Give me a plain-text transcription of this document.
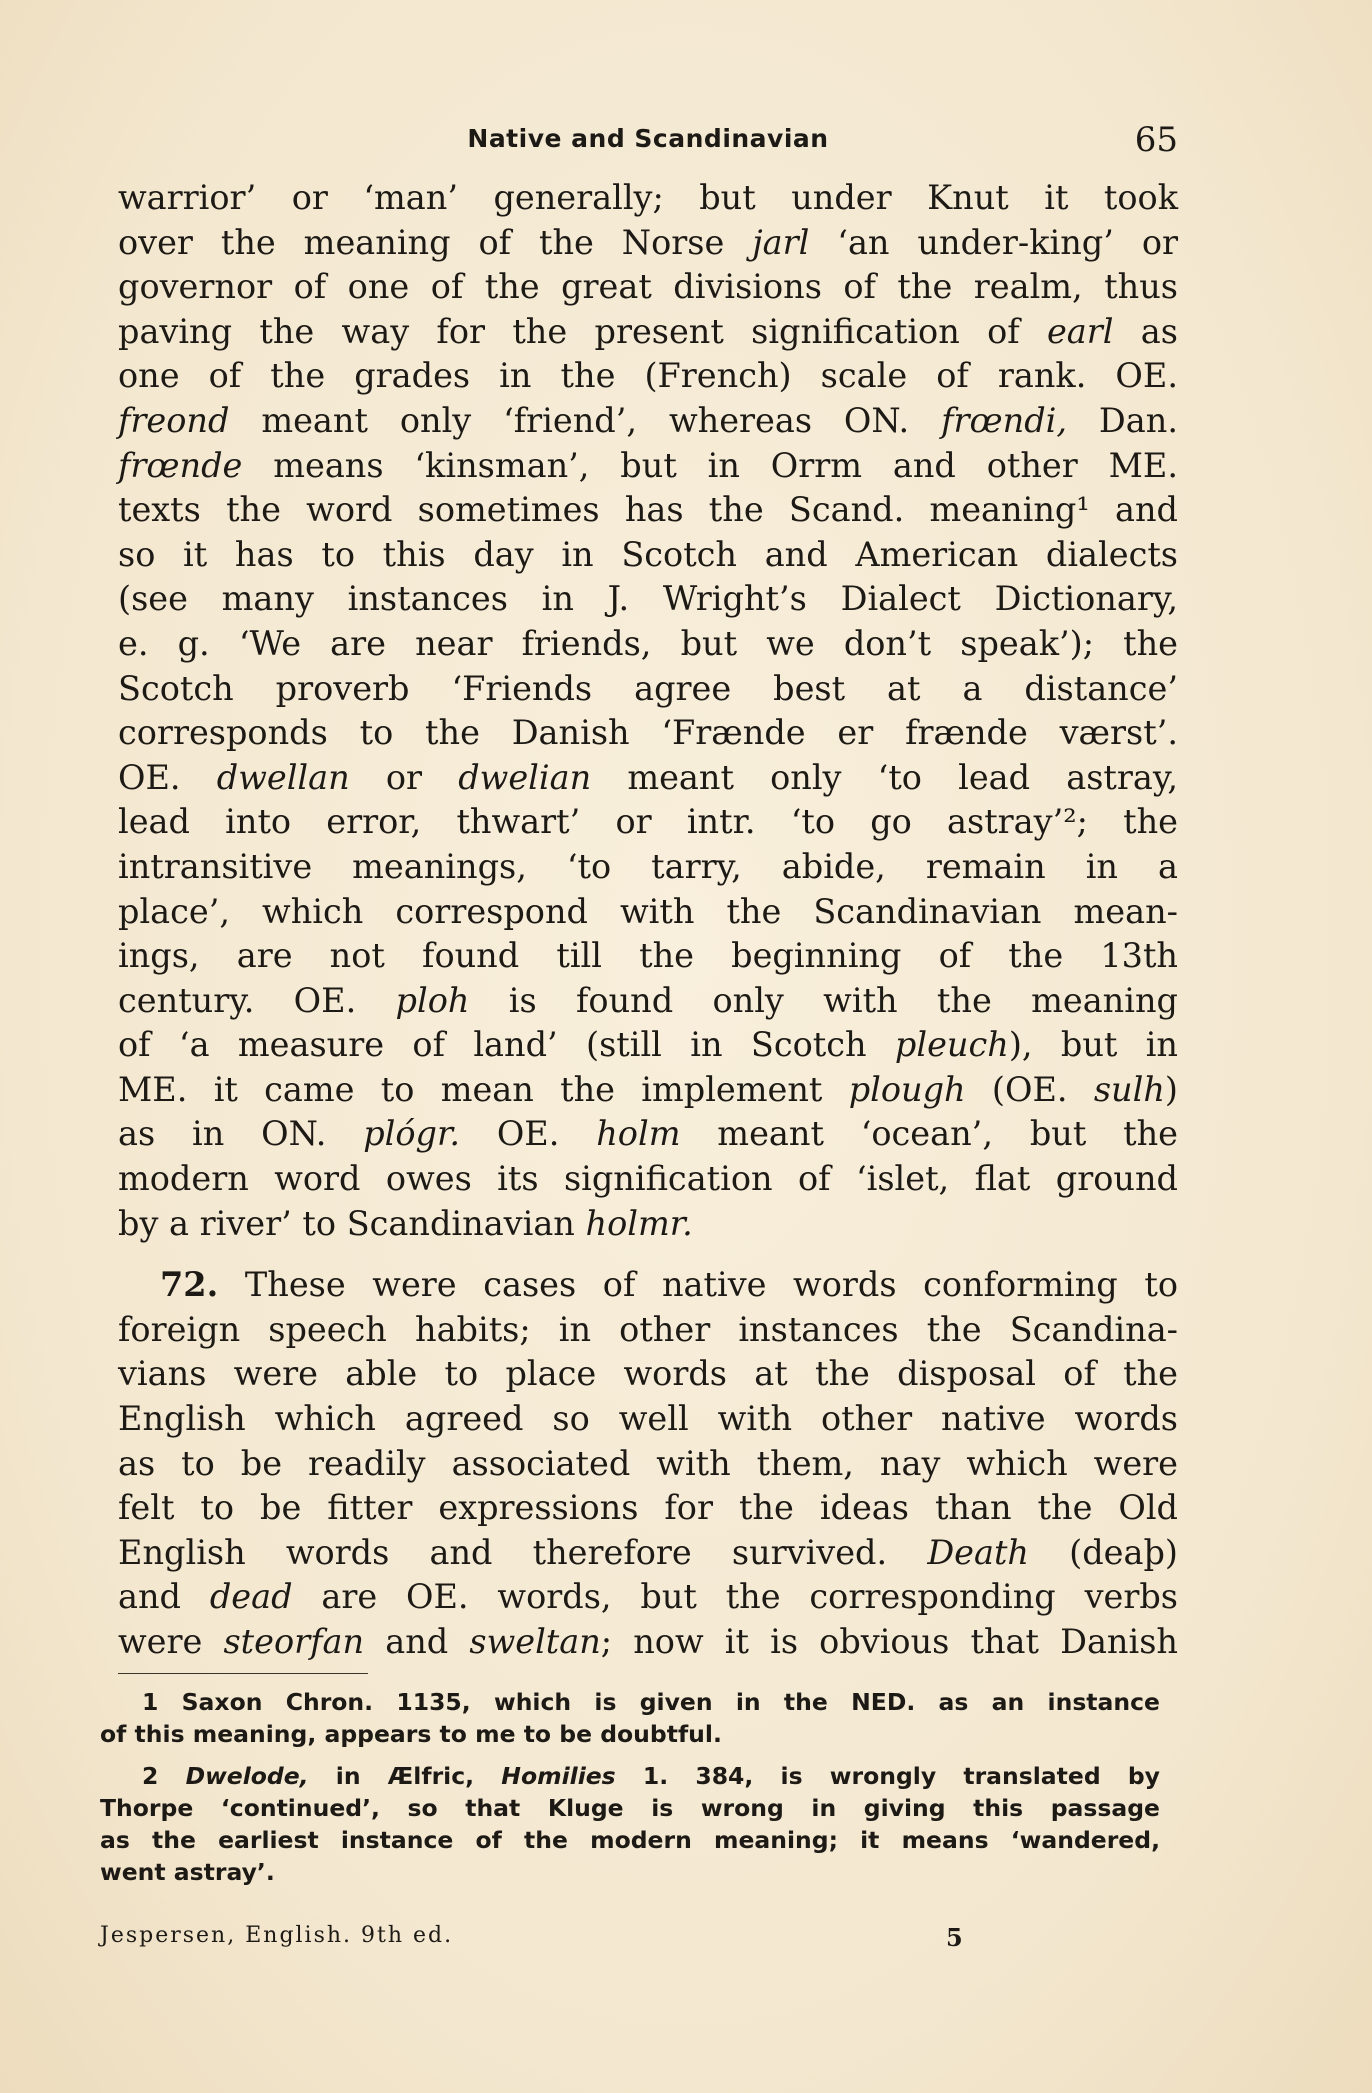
Native and Scandinavian	65
warrior’ or ‘man’ generally; but under Knut it took
over the meaning of the Norse jarl ‘an under-king’ or
governor of one of the great divisions of the realm, thus
paving the way for the present signification of earl as
one of the grades in the (French) scale of rank. OE.
freond meant only ‘friend’, whereas ON. frœndi, Dan.
frœnde means ‘kinsman’, but in Orrm and other ME.
texts the word sometimes has the Scand. meaning¹ and
so it has to this day in Scotch and American dialects
(see many instances in J. Wright’s Dialect Dictionary,
e. g. ‘We are near friends, but we don’t speak’); the
Scotch proverb ‘Friends agree best at a distance’
corresponds to the Danish ‘Frænde er frænde værst’.
OE. dwellan or dwelian meant only ‘to lead astray,
lead into error, thwart’ or intr. ‘to go astray’²; the
intransitive meanings, ‘to tarry, abide, remain in a
place’, which correspond with the Scandinavian mean-
ings, are not found till the beginning of the 13th
century. OE. ploh is found only with the meaning
of ‘a measure of land’ (still in Scotch pleuch), but in
ME. it came to mean the implement plough (OE. sulh)
as in ON. plógr. OE. holm meant ‘ocean’, but the
modern word owes its signification of ‘islet, flat ground
by a river’ to Scandinavian holmr.
72. These were cases of native words conforming to
foreign speech habits; in other instances the Scandina-
vians were able to place words at the disposal of the
English which agreed so well with other native words
as to be readily associated with them, nay which were
felt to be fitter expressions for the ideas than the Old
English words and therefore survived. Death (deaþ)
and dead are OE. words, but the corresponding verbs
were steorfan and sweltan; now it is obvious that Danish
1 Saxon Chron. 1135, which is given in the NED. as an instance
of this meaning, appears to me to be doubtful.
2 Dwelode, in Ælfric, Homilies 1. 384, is wrongly translated by
Thorpe ‘continued’, so that Kluge is wrong in giving this passage
as the earliest instance of the modern meaning; it means ‘wandered,
went astray’.
Jespersen, English. 9th ed.	5
